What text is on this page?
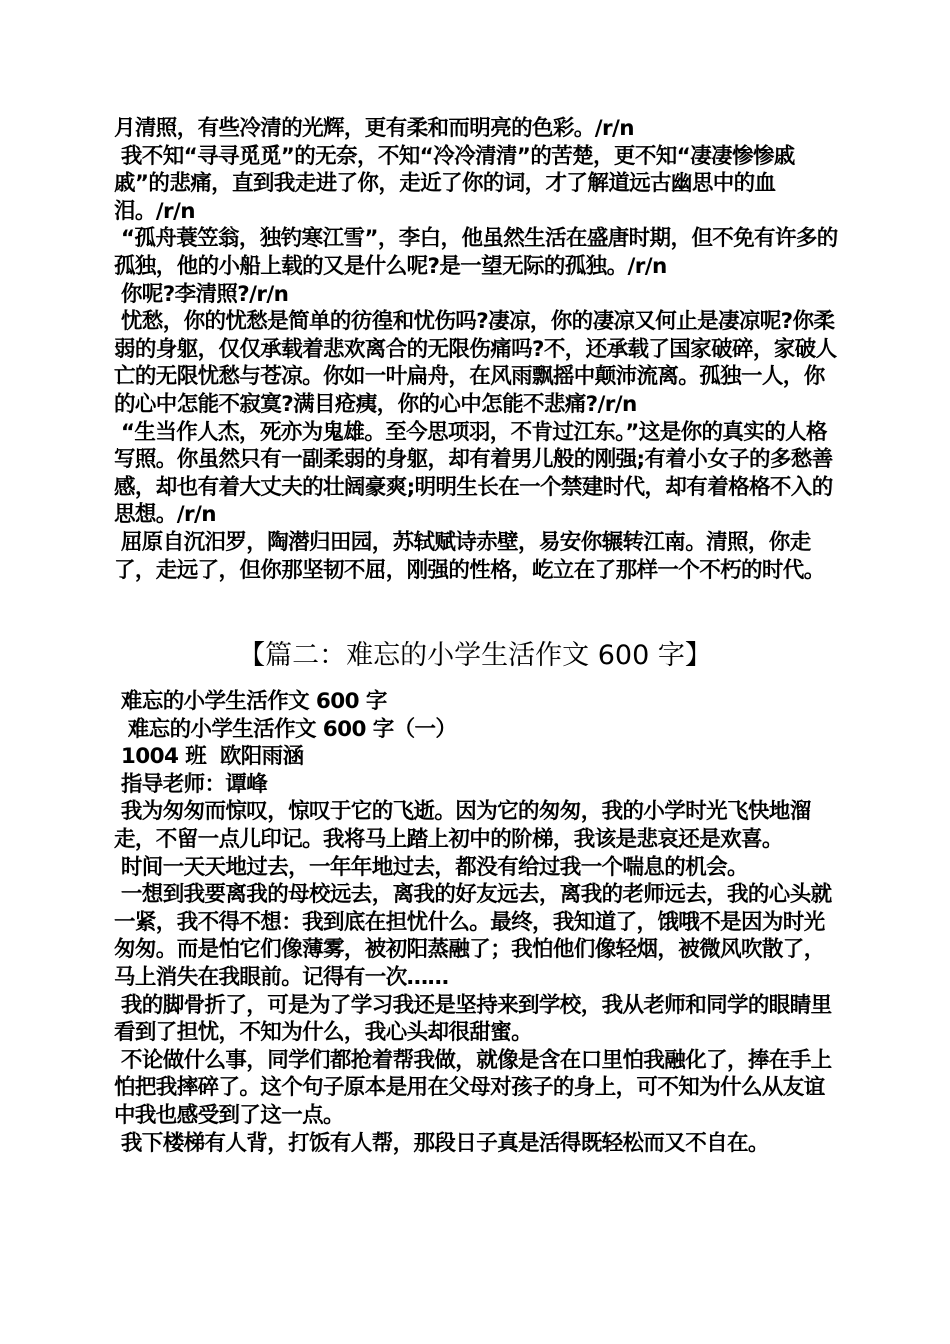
月清照，有些冷清的光辉，更有柔和而明亮的色彩。/r/n

我不知“寻寻觅觅”的无奈，不知“冷冷清清”的苦楚，更不知“凄凄惨惨戚戚”的悲痛，直到我走进了你，走近了你的词，才了解道远古幽思中的血泪。/r/n

“孤舟蓑笠翁，独钓寒江雪”，李白，他虽然生活在盛唐时期，但不免有许多的孤独，他的小船上载的又是什么呢?是一望无际的孤独。/r/n

你呢?李清照?/r/n

忧愁，你的忧愁是简单的彷徨和忧伤吗?凄凉，你的凄凉又何止是凄凉呢?你柔弱的身躯，仅仅承载着悲欢离合的无限伤痛吗?不，还承载了国家破碎，家破人亡的无限忧愁与苍凉。你如一叶扁舟，在风雨飘摇中颠沛流离。孤独一人，你的心中怎能不寂寞?满目疮痍，你的心中怎能不悲痛?/r/n

“生当作人杰，死亦为鬼雄。至今思项羽，不肯过江东。”这是你的真实的人格写照。你虽然只有一副柔弱的身躯，却有着男儿般的刚强;有着小女子的多愁善感，却也有着大丈夫的壮阔豪爽;明明生长在一个禁建时代，却有着格格不入的思想。/r/n

屈原自沉汨罗，陶潜归田园，苏轼赋诗赤壁，易安你辗转江南。清照，你走了，走远了，但你那坚韧不屈，刚强的性格，屹立在了那样一个不朽的时代。

【篇二：难忘的小学生活作文 600 字】

难忘的小学生活作文 600 字

难忘的小学生活作文 600 字（一）

1004 班  欧阳雨涵

指导老师：谭峰

我为匆匆而惊叹，惊叹于它的飞逝。因为它的匆匆，我的小学时光飞快地溜走，不留一点儿印记。我将马上踏上初中的阶梯，我该是悲哀还是欢喜。

时间一天天地过去，一年年地过去，都没有给过我一个喘息的机会。

一想到我要离我的母校远去，离我的好友远去，离我的老师远去，我的心头就一紧，我不得不想：我到底在担忧什么。最终，我知道了，饿哦不是因为时光匆匆。而是怕它们像薄雾，被初阳蒸融了；我怕他们像轻烟，被微风吹散了，马上消失在我眼前。记得有一次……

我的脚骨折了，可是为了学习我还是坚持来到学校，我从老师和同学的眼睛里看到了担忧，不知为什么，我心头却很甜蜜。

不论做什么事，同学们都抢着帮我做，就像是含在口里怕我融化了，捧在手上怕把我摔碎了。这个句子原本是用在父母对孩子的身上，可不知为什么从友谊中我也感受到了这一点。

我下楼梯有人背，打饭有人帮，那段日子真是活得既轻松而又不自在。
